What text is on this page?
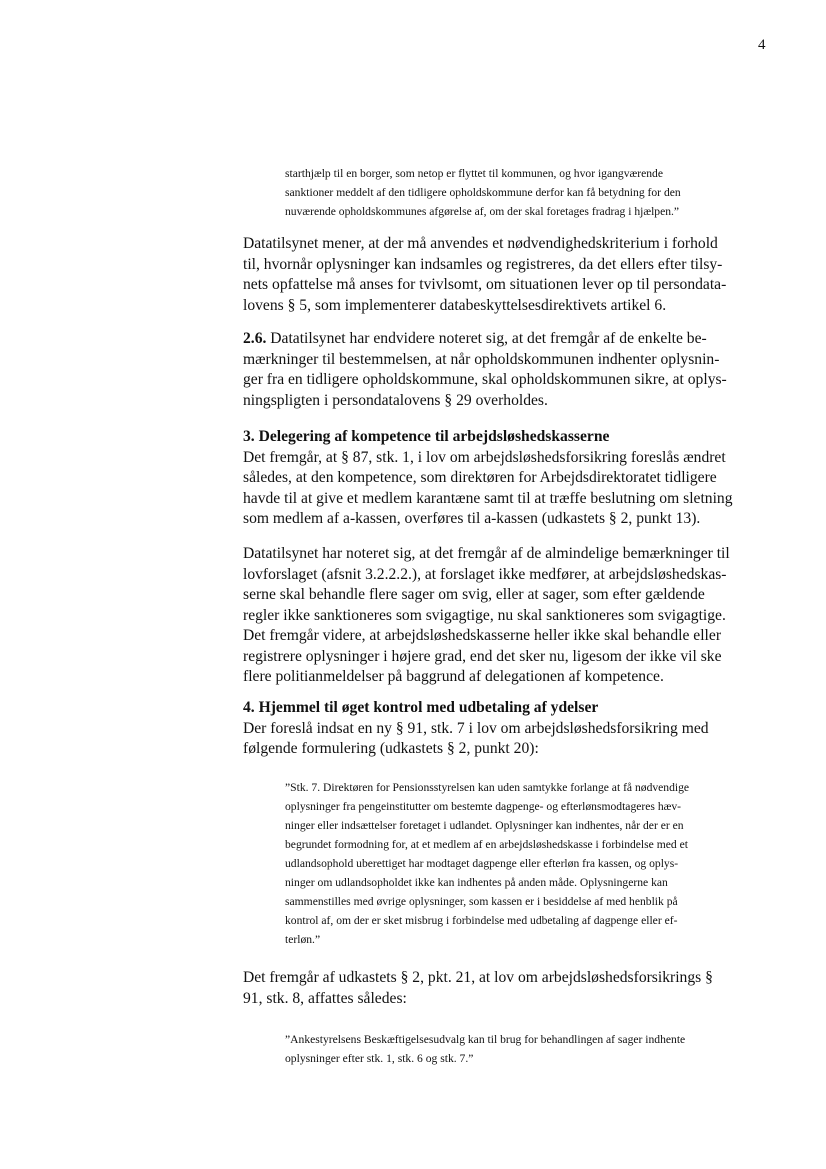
4

starthjælp til en borger, som netop er flyttet til kommunen, og hvor igangværende
sanktioner meddelt af den tidligere opholdskommune derfor kan få betydning for den
nuværende opholdskommunes afgørelse af, om der skal foretages fradrag i hjælpen.”

Datatilsynet mener, at der må anvendes et nødvendighedskriterium i forhold
til, hvornår oplysninger kan indsamles og registreres, da det ellers efter tilsy-
nets opfattelse må anses for tvivlsomt, om situationen lever op til persondata-
lovens § 5, som implementerer databeskyttelsesdirektivets artikel 6.

2.6. Datatilsynet har endvidere noteret sig, at det fremgår af de enkelte be-
mærkninger til bestemmelsen, at når opholdskommunen indhenter oplysnin-
ger fra en tidligere opholdskommune, skal opholdskommunen sikre, at oplys-
ningspligten i persondatalovens § 29 overholdes.

3. Delegering af kompetence til arbejdsløshedskasserne
Det fremgår, at § 87, stk. 1, i lov om arbejdsløshedsforsikring foreslås ændret
således, at den kompetence, som direktøren for Arbejdsdirektoratet tidligere
havde til at give et medlem karantæne samt til at træffe beslutning om sletning
som medlem af a-kassen, overføres til a-kassen (udkastets § 2, punkt 13).

Datatilsynet har noteret sig, at det fremgår af de almindelige bemærkninger til
lovforslaget (afsnit 3.2.2.2.), at forslaget ikke medfører, at arbejdsløshedskas-
serne skal behandle flere sager om svig, eller at sager, som efter gældende
regler ikke sanktioneres som svigagtige, nu skal sanktioneres som svigagtige.
Det fremgår videre, at arbejdsløshedskasserne heller ikke skal behandle eller
registrere oplysninger i højere grad, end det sker nu, ligesom der ikke vil ske
flere politianmeldelser på baggrund af delegationen af kompetence.

4. Hjemmel til øget kontrol med udbetaling af ydelser
Der foreslå indsat en ny § 91, stk. 7 i lov om arbejdsløshedsforsikring med
følgende formulering (udkastets § 2, punkt 20):

”Stk. 7. Direktøren for Pensionsstyrelsen kan uden samtykke forlange at få nødvendige
oplysninger fra pengeinstitutter om bestemte dagpenge- og efterlønsmodtageres hæv-
ninger eller indsættelser foretaget i udlandet. Oplysninger kan indhentes, når der er en
begrundet formodning for, at et medlem af en arbejdsløshedskasse i forbindelse med et
udlandsophold uberettiget har modtaget dagpenge eller efterløn fra kassen, og oplys-
ninger om udlandsopholdet ikke kan indhentes på anden måde. Oplysningerne kan
sammenstilles med øvrige oplysninger, som kassen er i besiddelse af med henblik på
kontrol af, om der er sket misbrug i forbindelse med udbetaling af dagpenge eller ef-
terløn.”

Det fremgår af udkastets § 2, pkt. 21, at lov om arbejdsløshedsforsikrings §
91, stk. 8, affattes således:

”Ankestyrelsens Beskæftigelsesudvalg kan til brug for behandlingen af sager indhente
oplysninger efter stk. 1, stk. 6 og stk. 7.”
